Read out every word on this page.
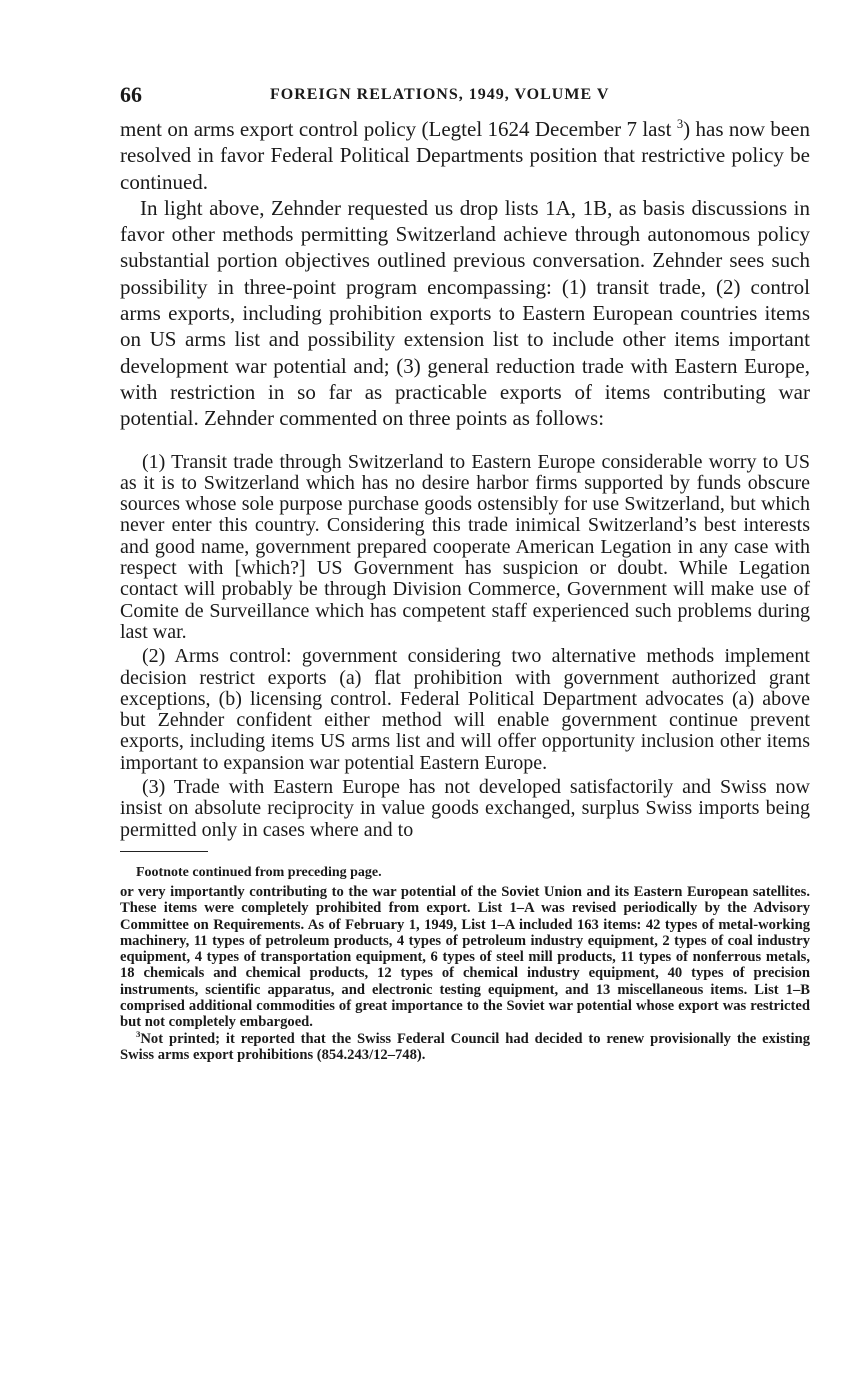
66	FOREIGN RELATIONS, 1949, VOLUME V

ment on arms export control policy (Legtel 1624 December 7 last $^3$) has now been resolved in favor Federal Political Departments position that restrictive policy be continued.

In light above, Zehnder requested us drop lists 1A, 1B, as basis discussions in favor other methods permitting Switzerland achieve through autonomous policy substantial portion objectives outlined previous conversation. Zehnder sees such possibility in three-point program encompassing: (1) transit trade, (2) control arms exports, including prohibition exports to Eastern European countries items on US arms list and possibility extension list to include other items important development war potential and; (3) general reduction trade with Eastern Europe, with restriction in so far as practicable exports of items contributing war potential. Zehnder commented on three points as follows:

(1) Transit trade through Switzerland to Eastern Europe considerable worry to US as it is to Switzerland which has no desire harbor firms supported by funds obscure sources whose sole purpose purchase goods ostensibly for use Switzerland, but which never enter this country. Considering this trade inimical Switzerland’s best interests and good name, government prepared cooperate American Legation in any case with respect with [which?] US Government has suspicion or doubt. While Legation contact will probably be through Division Commerce, Government will make use of Comite de Surveillance which has competent staff experienced such problems during last war.

(2) Arms control: government considering two alternative methods implement decision restrict exports (a) flat prohibition with government authorized grant exceptions, (b) licensing control. Federal Political Department advocates (a) above but Zehnder confident either method will enable government continue prevent exports, including items US arms list and will offer opportunity inclusion other items important to expansion war potential Eastern Europe.

(3) Trade with Eastern Europe has not developed satisfactorily and Swiss now insist on absolute reciprocity in value goods exchanged, surplus Swiss imports being permitted only in cases where and to

Footnote continued from preceding page.

or very importantly contributing to the war potential of the Soviet Union and its Eastern European satellites. These items were completely prohibited from export. List 1–A was revised periodically by the Advisory Committee on Requirements. As of February 1, 1949, List 1–A included 163 items: 42 types of metal-working machinery, 11 types of petroleum products, 4 types of petroleum industry equipment, 2 types of coal industry equipment, 4 types of transportation equipment, 6 types of steel mill products, 11 types of nonferrous metals, 18 chemicals and chemical products, 12 types of chemical industry equipment, 40 types of precision instruments, scientific apparatus, and electronic testing equipment, and 13 miscellaneous items. List 1–B comprised additional commodities of great importance to the Soviet war potential whose export was restricted but not completely embargoed.

$^3$Not printed; it reported that the Swiss Federal Council had decided to renew provisionally the existing Swiss arms export prohibitions (854.243/12–748).
